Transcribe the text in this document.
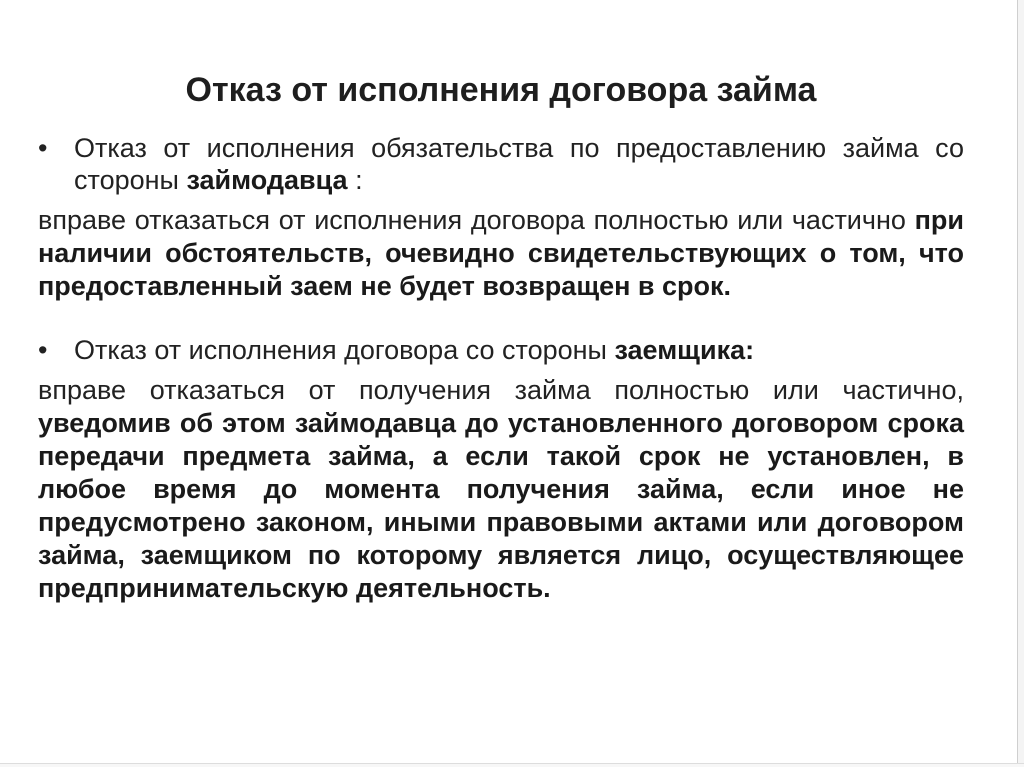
Отказ от исполнения договора займа
• Отказ от исполнения обязательства по предоставлению займа со стороны займодавца :
вправе отказаться от исполнения договора полностью или частично при наличии обстоятельств, очевидно свидетельствующих о том, что предоставленный заем не будет возвращен в срок.
• Отказ от исполнения договора со стороны заемщика:
вправе отказаться от получения займа полностью или частично, уведомив об этом займодавца до установленного договором срока передачи предмета займа, а если такой срок не установлен, в любое время до момента получения займа, если иное не предусмотрено законом, иными правовыми актами или договором займа, заемщиком по которому является лицо, осуществляющее предпринимательскую деятельность.
